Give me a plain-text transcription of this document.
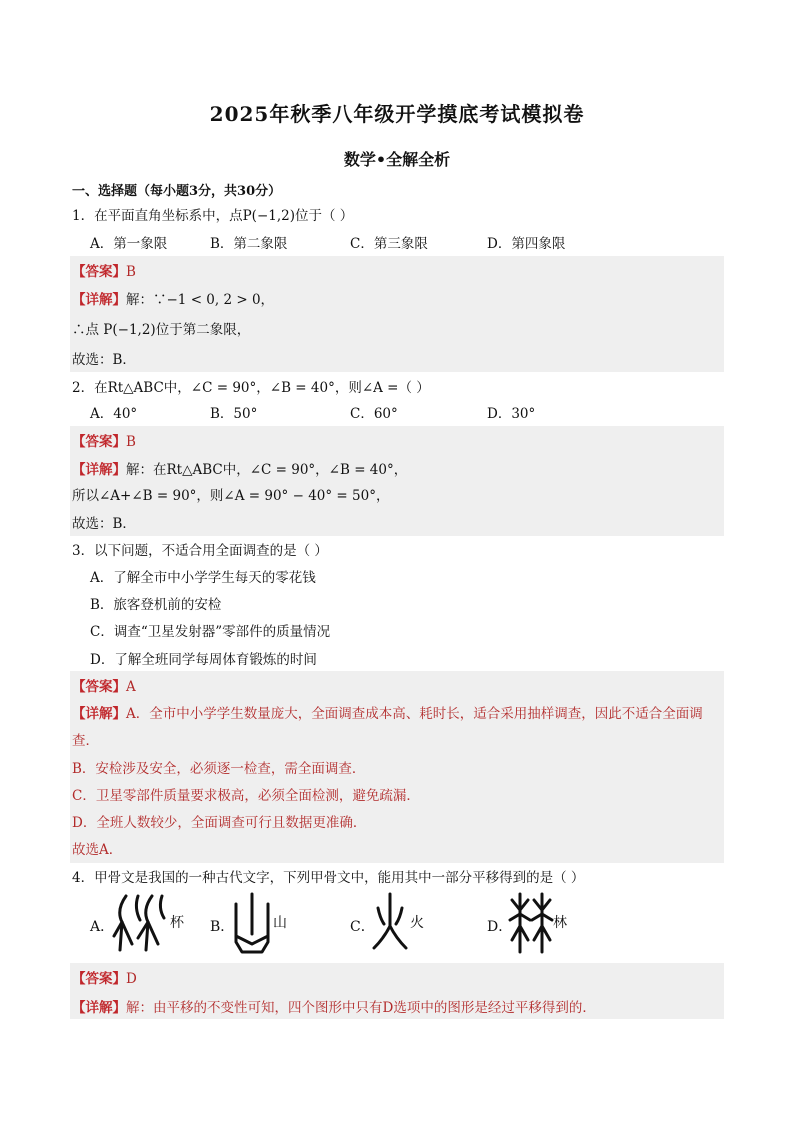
2025年秋季八年级开学摸底考试模拟卷
数学•全解全析
一、选择题（每小题3分，共30分）
1．在平面直角坐标系中，点P(−1,2)位于（ ）
A．第一象限	B．第二象限	C．第三象限	D．第四象限
【答案】B
【详解】解：∵−1 < 0, 2 > 0，
∴点 P(−1,2)位于第二象限，
故选：B．
2．在Rt△ABC中，∠C = 90°，∠B = 40°，则∠A =（ ）
A．40°	B．50°	C．60°	D．30°
【答案】B
【详解】解：在Rt△ABC中，∠C = 90°，∠B = 40°，
所以∠A+∠B = 90°，则∠A = 90° − 40° = 50°，
故选：B．
3．以下问题，不适合用全面调查的是（ ）
A．了解全市中小学学生每天的零花钱
B．旅客登机前的安检
C．调查“卫星发射器”零部件的质量情况
D．了解全班同学每周体育锻炼的时间
【答案】A
【详解】A．全市中小学学生数量庞大，全面调查成本高、耗时长，适合采用抽样调查，因此不适合全面调
查．
B．安检涉及安全，必须逐一检查，需全面调查．
C．卫星零部件质量要求极高，必须全面检测，避免疏漏．
D．全班人数较少，全面调查可行且数据更准确．
故选A．
4．甲骨文是我国的一种古代文字，下列甲骨文中，能用其中一部分平移得到的是（ ）
A．	杯 B．	山	C．	火	D．	林
【答案】D
【详解】解：由平移的不变性可知，四个图形中只有D选项中的图形是经过平移得到的．
